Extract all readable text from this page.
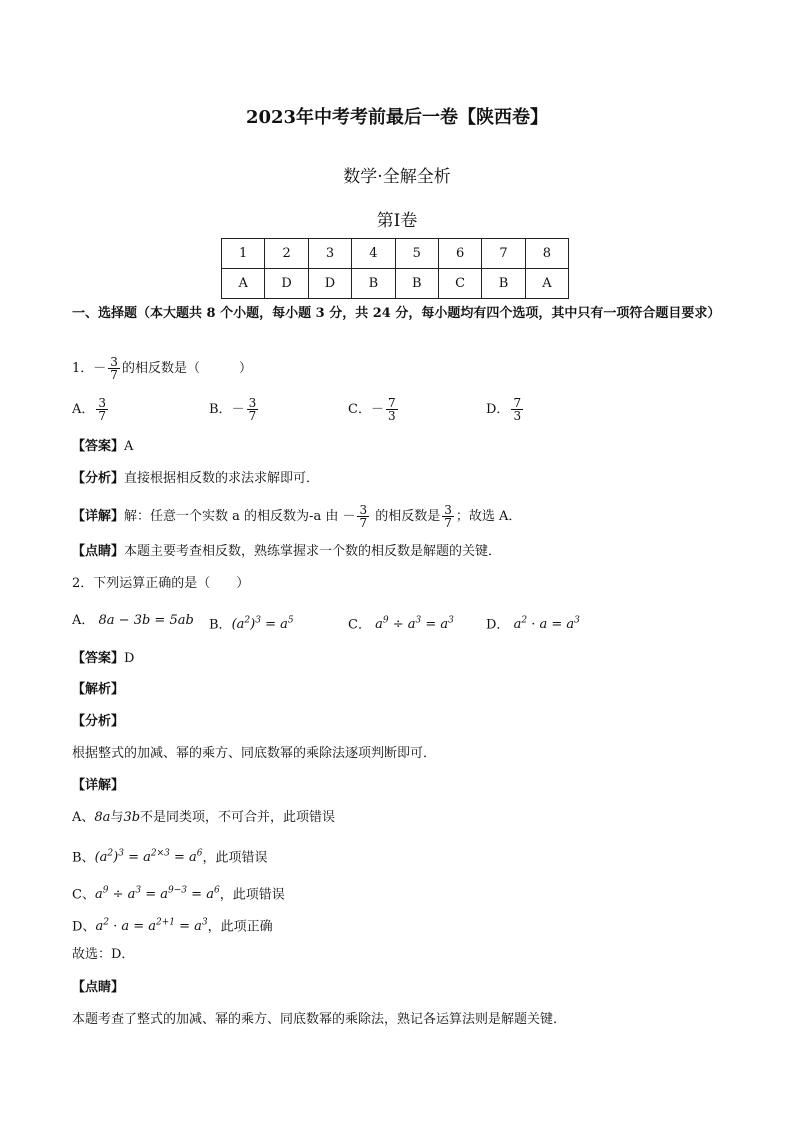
2023年中考考前最后一卷【陕西卷】
数学·全解全析
第Ⅰ卷
1	2	3	4	5	6	7	8
A	D	D	B	B	C	B	A
一、选择题（本大题共 8 个小题，每小题 3 分，共 24 分，每小题均有四个选项，其中只有一项符合题目要求）
1．－ $\frac{3}{7}$ 的相反数是（　　　）
A． $\frac{3}{7}$	B．－ $\frac{3}{7}$	C．－ $\frac{7}{3}$	D． $\frac{7}{3}$
【答案】A
【分析】直接根据相反数的求法求解即可．
【详解】解：任意一个实数 a 的相反数为-a 由 － $\frac{3}{7}$ 的相反数是 $\frac{3}{7}$ ；故选 A．
【点睛】本题主要考查相反数，熟练掌握求一个数的相反数是解题的关键．
2．下列运算正确的是（　　）
A． 8a − 3b = 5ab B．$(a^2)^3 = a^5$	C． $a^9 \div a^3 = a^3$ D． $a^2 \cdot a = a^3$
【答案】D
【解析】
【分析】
根据整式的加减、幂的乘方、同底数幂的乘除法逐项判断即可．
【详解】
A、8a与3b不是同类项，不可合并，此项错误
B、$(a^2)^3 = a^{2\times 3} = a^6$，此项错误
C、$a^9 \div a^3 = a^{9-3} = a^6$，此项错误
D、$a^2 \cdot a = a^{2+1} = a^3$，此项正确
故选：D．
【点睛】
本题考查了整式的加减、幂的乘方、同底数幂的乘除法，熟记各运算法则是解题关键．
